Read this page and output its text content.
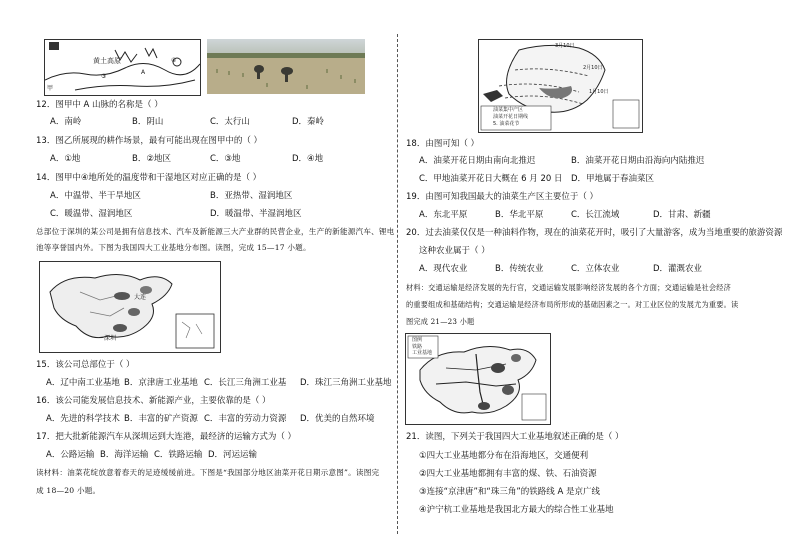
黄土高原
③
④
甲
A
12．图甲中 A 山脉的名称是（ ）
A．南岭	B．阴山	C．太行山	D．秦岭
13．图乙所展现的耕作场景，最有可能出现在图甲中的（ ）
A．①地	B．②地区	C．③地	D．④地
14．图甲中④地所处的温度带和干湿地区对应正确的是（ ）
A．中温带、半干旱地区	B．亚热带、湿润地区
C．暖温带、湿润地区	D．暖温带、半湿润地区
总部位于深圳的某公司是拥有信息技术、汽车及新能源三大产业群的民营企业，生产的新能源汽车、锂电
池等享誉国内外。下图为我国四大工业基地分布图。读图，完成 15—17 小题。
大连
深圳
15．该公司总部位于（ ）
A．辽中南工业基地 B．京津唐工业基地 C．长江三角洲工业基 D．珠江三角洲工业基地
16．该公司能发展信息技术、新能源产业，主要依靠的是（ ）
A．先进的科学技术 B．丰富的矿产资源 C．丰富的劳动力资源 D．优美的自然环境
17．把大批新能源汽车从深圳运到大连港，最经济的运输方式为（ ）
A．公路运输 B．海洋运输 C．铁路运输 D．河运运输
读材料：油菜花绽放意着春天的足迹缓缓前进。下图是“我国部分地区油菜开花日期示意图”。读图完
成 18—20 小题。
3月10日
2月10日
1月10日
油菜集中产区
油菜开花日期线
5. 油菜花节
18．由图可知（ ）
A．油菜开花日期由南向北推迟	B．油菜开花日期由沿海向内陆推迟
C．甲地油菜开花日大概在 6 月 20 日 D．甲地属于春油菜区
19．由图可知我国最大的油菜生产区主要位于（ ）
A．东北平原	B．华北平原	C．长江流域	D．甘肃、新疆
20．过去油菜仅仅是一种油料作物，现在的油菜花开时，吸引了大量游客，成为当地重要的旅游资源
这种农业属于（ ）
A．现代农业	B．传统农业	C．立体农业	D．灌溉农业
材料：交通运输是经济发展的先行官，交通运输发展影响经济发展的各个方面；交通运输是社会经济
的重要组成和基础结构；交通运输是经济布局所形成的基础因素之一。对工业区位的发展尤为重要。读
图完成 21—23 小题
图例
铁路
工业基地
21．读图，下列关于我国四大工业基地叙述正确的是（ ）
①四大工业基地都分布在沿海地区，交通便利
②四大工业基地都拥有丰富的煤、铁、石油资源
③连接“京津唐”和“珠三角”的铁路线 A 是京广线
④沪宁杭工业基地是我国北方最大的综合性工业基地
